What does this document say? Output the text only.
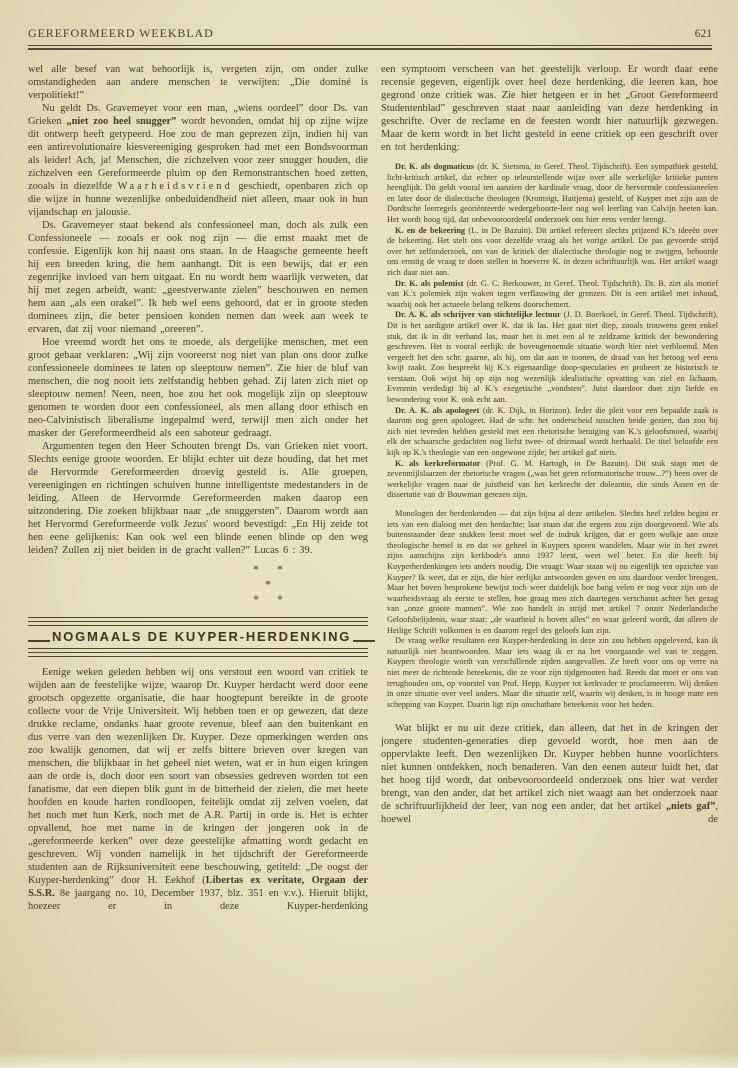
GEREFORMEERD WEEKBLAD	621

wel alle besef van wat behoorlijk is, vergeten zijn, om onder zulke omstandigheden aan andere menschen te verwijten: „Die dominé is verpolitiekt!”

Nu geldt Ds. Gravemeyer voor een man, „wiens oordeel” door Ds. van Grieken „niet zoo heel snugger” wordt bevonden, omdat hij op zijne wijze dit ontwerp heeft getypeerd. Hoe zou de man geprezen zijn, indien hij van een antirevolutionaire kiesvereeniging gesproken had met een Bondsvoorman als leider! Ach, ja! Menschen, die zichzelven voor zeer snugger houden, die zichzelven een Gereformeerde pluim op den Remonstrantschen hoed zetten, zooals in diezelfde Waarheidsvriend geschiedt, openbaren zich op die wijze in hunne wezenlijke onbeduidendheid niet alleen, maar ook in hun vijandschap en jalousie.

Ds. Gravemeyer staat bekend als confessioneel man, doch als zulk een Confessioneele — zooals er ook nog zijn — die ernst maakt met de confessie. Eigenlijk kon hij naast ons staan. In de Haagsche gemeente heeft hij een breeden kring, die hem aanhangt. Dit is een bewijs, dat er een zegenrijke invloed van hem uitgaat. En nu wordt hem waarlijk verweten, dat hij met zegen arbeidt, want: „geestverwante zielen” beschouwen en nemen hem aan „als een orakel”. Ik heb wel eens gehoord, dat er in groote steden dominees zijn, die beter pensioen konden nemen dan week aan week te ervaren, dat zij voor niemand „oreeren”.

Hoe vreemd wordt het ons te moede, als dergelijke menschen, met een groot gebaar verklaren: „Wij zijn vooreerst nog niet van plan ons door zulke confessioneele dominees te laten op sleeptouw nemen”. Zie hier de bluf van menschen, die nog nooit iets zelfstandig hebben gehad. Zij laten zich niet op sleeptouw nemen! Neen, neen, hoe zou het ook mogelijk zijn op sleeptouw genomen te worden door een confessioneel, als men allang door ethisch en neo-Calvinistisch liberalisme ingepalmd werd, terwijl men zich onder het masker der Gereformeerdheid als een saboteur gedraagt.

Argumenten tegen den Heer Schouten brengt Ds. van Grieken niet voort. Slechts eenige groote woorden. Er blijkt echter uit deze houding, dat het met de Hervormde Gereformeerden droevig gesteld is. Alle groepen, vereenigingen en richtingen schuiven hunne intelligentste medestanders in de leiding. Alleen de Hervormde Gereformeerden maken daarop een uitzondering. Die zoeken blijkbaar naar „de snuggersten”. Daarom wordt aan het Hervormd Gereformeerde volk Jezus' woord bevestigd: „En Hij zeide tot hen eene gelijkenis: Kan ook wel een blinde eenen blinde op den weg leiden? Zullen zij niet beiden in de gracht vallen?” Lucas 6 : 39.

*      *
*
*      *
NOGMAALS DE KUYPER-HERDENKING

Eenige weken geleden hebben wij ons verstout een woord van critiek te wijden aan de feestelijke wijze, waarop Dr. Kuyper herdacht werd door eene grootsch opgezette organisatie, die haar hoogtepunt bereikte in de groote collecte voor de Vrije Universiteit. Wij hebben toen er op gewezen, dat deze drukke reclame, ondanks haar groote revenue, bleef aan den buitenkant en dus verre van den wezenlijken Dr. Kuyper. Deze opmerkingen werden ons zoo kwalijk genomen, dat wij er zelfs bittere brieven over kregen van menschen, die blijkbaar in het geheel niet weten, wat er in hun eigen kringen aan de orde is, doch door een soort van obsessies gedreven worden tot een fanatisme, dat een diepen blik gunt in de bitterheid der zielen, die met heete hoofden en koude harten rondloopen, feitelijk omdat zij zelven voelen, dat het noch met hun Kerk, noch met de A.R. Partij in orde is. Het is echter opvallend, hoe met name in de kringen der jongeren ook in de „gereformeerde kerken” over deze geestelijke afmatting wordt gedacht en geschreven. Wij vonden namelijk in het tijdschrift der Gereformeerde studenten aan de Rijksuniversiteit eene beschouwing, getiteld: „De oogst der Kuyper-herdenking” door H. Eekhof (Libertas ex veritate, Orgaan der S.S.R. 8e jaargang no. 10, December 1937, blz. 351 en v.v.). Hieruit blijkt, hoezeer er in deze Kuyper-herdenking

een symptoom verscheen van het geestelijk verloop. Er wordt daar eene recensie gegeven, eigenlijk over heel deze herdenking, die leeren kan, hoe gegrond onze critiek was. Zie hier hetgeen er in het „Groot Gereformeerd Studentenblad” geschreven staat naar aanleiding van deze herdenking in geschrifte. Over de reclame en de feesten wordt hier natuurlijk gezwegen. Maar de kern wordt in het licht gesteld in eene critiek op een geschrift over en tot herdenking:

Dr. K. als dogmaticus (dr. K. Sietsma, in Geref. Theol. Tijdschrift). Een sympathiek gesteld, licht-kritisch artikel, dat echter op teleurstellende wijze over alle werkelijke kritieke punten heenglijdt. Dit geldt vooral ten aanzien der kardinale vraag, door de hervormde confessioneelen en later door de dialectische theologen (Kromsigt, Haitjema) gesteld, of Kuyper met zijn aan de Dordtsche leerregels georiënteerde wedergeboorte-leer nog wel leerling van Calvijn heeten kan. Het wordt hoog tijd, dat onbevooroordeeld onderzoek ons hier eens verder brengt.

K. en de bekeering (L. in De Bazuin). Dit artikel refereert slechts prijzend K.'s ideeën over de bekeering. Het stelt ons voor dezelfde vraag als het vorige artikel. De pas gevoerde strijd over het zelfonderzoek, om van de kritiek der dialectische theologie nog te zwijgen, behoorde ons ernstig de vraag te doen stellen in hoeverre K. in dezen schriftuurlijk was. Het artikel waagt zich daar niet aan.

Dr. K. als polemist (dr. G. C. Berkouwer, in Geref. Theol. Tijdschrift). Dr. B. ziet als motief van K.'s polemiek zijn waken tegen verflauwing der grenzen. Dit is een artikel met inhoud, waarbij ook het actueele belang telkens doorschemert.

Dr. A. K. als schrijver van stichtelijke lectuur (J. D. Boerkoel, in Geref. Theol. Tijdschrift). Dit is het aardigste artikel over K. dat ik las. Het gaat niet diep, zooals trouwens geen enkel stuk, dat ik in dit verband las, maar het is met een al te zeldzame kritiek der bewondering geschreven. Het is vooral eerlijk: de bovengenoemde situatie wordt hier niet verbloemd. Men vergeeft het den schr. gaarne, als hij, om dat aan te toonen, de draad van het betoog wel eens kwijt raakt. Zoo bespreekt hij K.'s eigenaardige doop-speculaties en probeert ze historisch te verstaan. Ook wijst hij op zijn nog wezenlijk idealistische opvatting van ziel en lichaam. Evenmin verdedigt hij al K.'s exegetische „vondsten”. Juist daardoor doet zijn liefde en bewondering voor K. ook echt aan.

Dr. A. K. als apologeet (dr. K. Dijk, in Horizon). Ieder die pleit voor een bepaalde zaak is daarom nog geen apologeet. Had de schr. het onderscheid tusschen beide gezien, dan zou hij zich niet tevreden hebben gesteld met een rhetorische betuiging van K.'s geloofsmoed, waarbij elk der schaarsche gedachten nog liefst twee- of driemaal wordt herhaald. De titel beloofde een kijk op K.'s theologie van een ongewone zijde; het artikel gaf niets.

K. als kerkreformator (Prof. G. M. Hartogh, in De Bazuin). Dit stuk stapt met de zevenmijlslaarzen der rhetorische vragen („was het geen reformatorische trouw...?”) heen over de werkelijke vragen naar de juistheid van het kerkrecht der doleantie, die sinds Assen en de dissertatie van dr Bouwman gerezen zijn.

Monologen der herdenkenden — dat zijn bijna al deze artikelen. Slechts heel zelden begint er iets van een dialoog met den herdachte; laat staan dat die ergens zou zijn doorgevoerd. Wie als buitenstaander deze stukken leest moet wel de indruk krijgen, dat er geen wolkje aan onze theologische hemel is en dat we geheel in Kuypers sporen wandelen. Maar wie in het zweet zijns aanschijns zijn kerkbode's anno 1937 leest, weet wel beter. En die heeft bij Kuyperherdenkingen iets anders noodig. Die vraagt: Waar staan wij nu eigenlijk ten opzichte van Kuyper? Ik weet, dat er zijn, die hier eerlijke antwoorden geven en ons daardoor verder brengen. Maar het boven besprokene bewijst toch weer duidelijk hoe bang velen er nog voor zijn om de waarheidsvraag als eerste te stellen, hoe graag men zich daartegen verschanst achter het gezag van „onze groote mannen”. Wie zoo handelt in strijd met artikel 7 onzer Nederlandsche Geloofsbelijdenis, waar staat: „de waarheid is boven alles” en waar geleerd wordt, dat alleen de Heilige Schrift volkomen is en daarom regel des geloofs kan zijn.

De vraag welke resultaten een Kuyper-herdenking in deze zin zou hebben opgeleverd, kan ik natuurlijk niet beantwoorden. Maar iets waag ik er na het voorgaande wel van te zeggen. Kuypers theologie wordt van verschillende zijden aangevallen. Ze heeft voor ons op verre na niet meer de richtende beteekenis, die ze voor zijn tijdgenooten had. Reeds dat moet er ons van terughouden om, op voorstel van Prof. Hepp, Kuyper tot kerkvader te proclameeren. Wij denken in onze situatie over veel anders. Maar die situatie zelf, waarin wij denken, is in hooge mate een schepping van Kuyper. Daarin ligt zijn onschatbare beteekenis voor het heden.

Wat blijkt er nu uit deze critiek, dan alleen, dat het in de kringen der jongere studenten-generaties diep gevoeld wordt, hoe men aan de oppervlakte leeft. Den wezenlijken Dr. Kuyper hebben hunne voorlichters niet kunnen ontdekken, noch benaderen. Van den eenen auteur luidt het, dat het hoog tijd wordt, dat onbevooroordeeld onderzoek ons hier wat verder brengt, van den ander, dat het artikel zich niet waagt aan het onderzoek naar de schriftuurlijkheid der leer, van nog een ander, dat het artikel „niets gaf”, hoewel de
